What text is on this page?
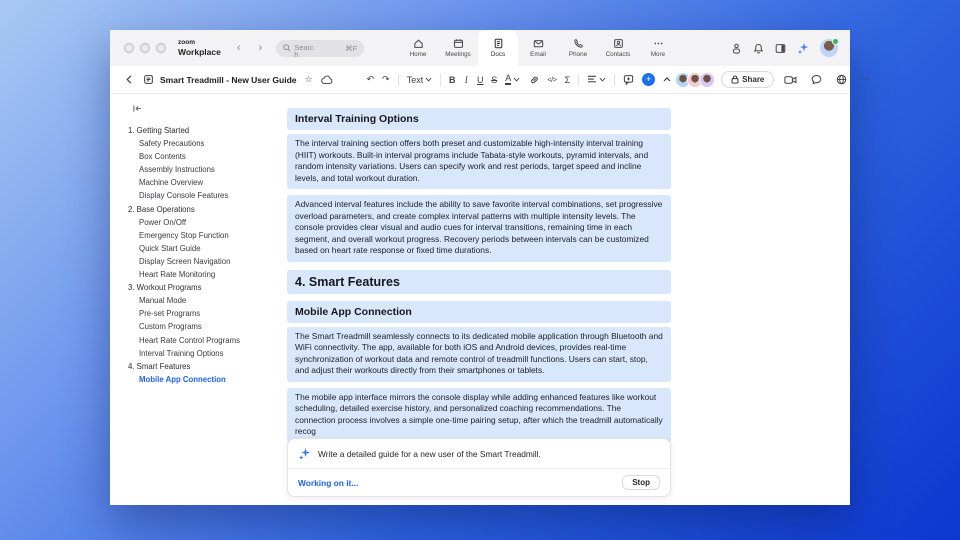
zoom
Workplace ‹ ›	Search
⌘F
Home	Meetings	Docs	Email	Phone	Contacts	More
Smart Treadmill - New User Guide ☆	↶ ↷	Text	B	I	U S A	</> Σ	+	Share	⋯
1. Getting Started
Safety Precautions
Box Contents
Assembly Instructions
Machine Overview
Display Console Features
2. Base Operations
Power On/Off
Emergency Stop Function
Quick Start Guide
Display Screen Navigation
Heart Rate Monitoring
3. Workout Programs
Manual Mode
Pre-set Programs
Custom Programs
Heart Rate Control Programs
Interval Training Options
4. Smart Features
Mobile App Connection
Interval Training Options
The interval training section offers both preset and customizable high-intensity interval training (HIIT) workouts. Built-in interval programs include Tabata-style workouts, pyramid intervals, and random intensity variations. Users can specify work and rest periods, target speed and incline levels, and total workout duration.
Advanced interval features include the ability to save favorite interval combinations, set progressive overload parameters, and create complex interval patterns with multiple intensity levels. The console provides clear visual and audio cues for interval transitions, remaining time in each segment, and overall workout progress. Recovery periods between intervals can be customized based on heart rate response or fixed time durations.
4. Smart Features
Mobile App Connection
The Smart Treadmill seamlessly connects to its dedicated mobile application through Bluetooth and WiFi connectivity. The app, available for both iOS and Android devices, provides real-time synchronization of workout data and remote control of treadmill functions. Users can start, stop, and adjust their workouts directly from their smartphones or tablets.
The mobile app interface mirrors the console display while adding enhanced features like workout scheduling, detailed exercise history, and personalized coaching recommendations. The connection process involves a simple one-time pairing setup, after which the treadmill automatically recog
Write a detailed guide for a new user of the Smart Treadmill.
Working on it...	Stop
